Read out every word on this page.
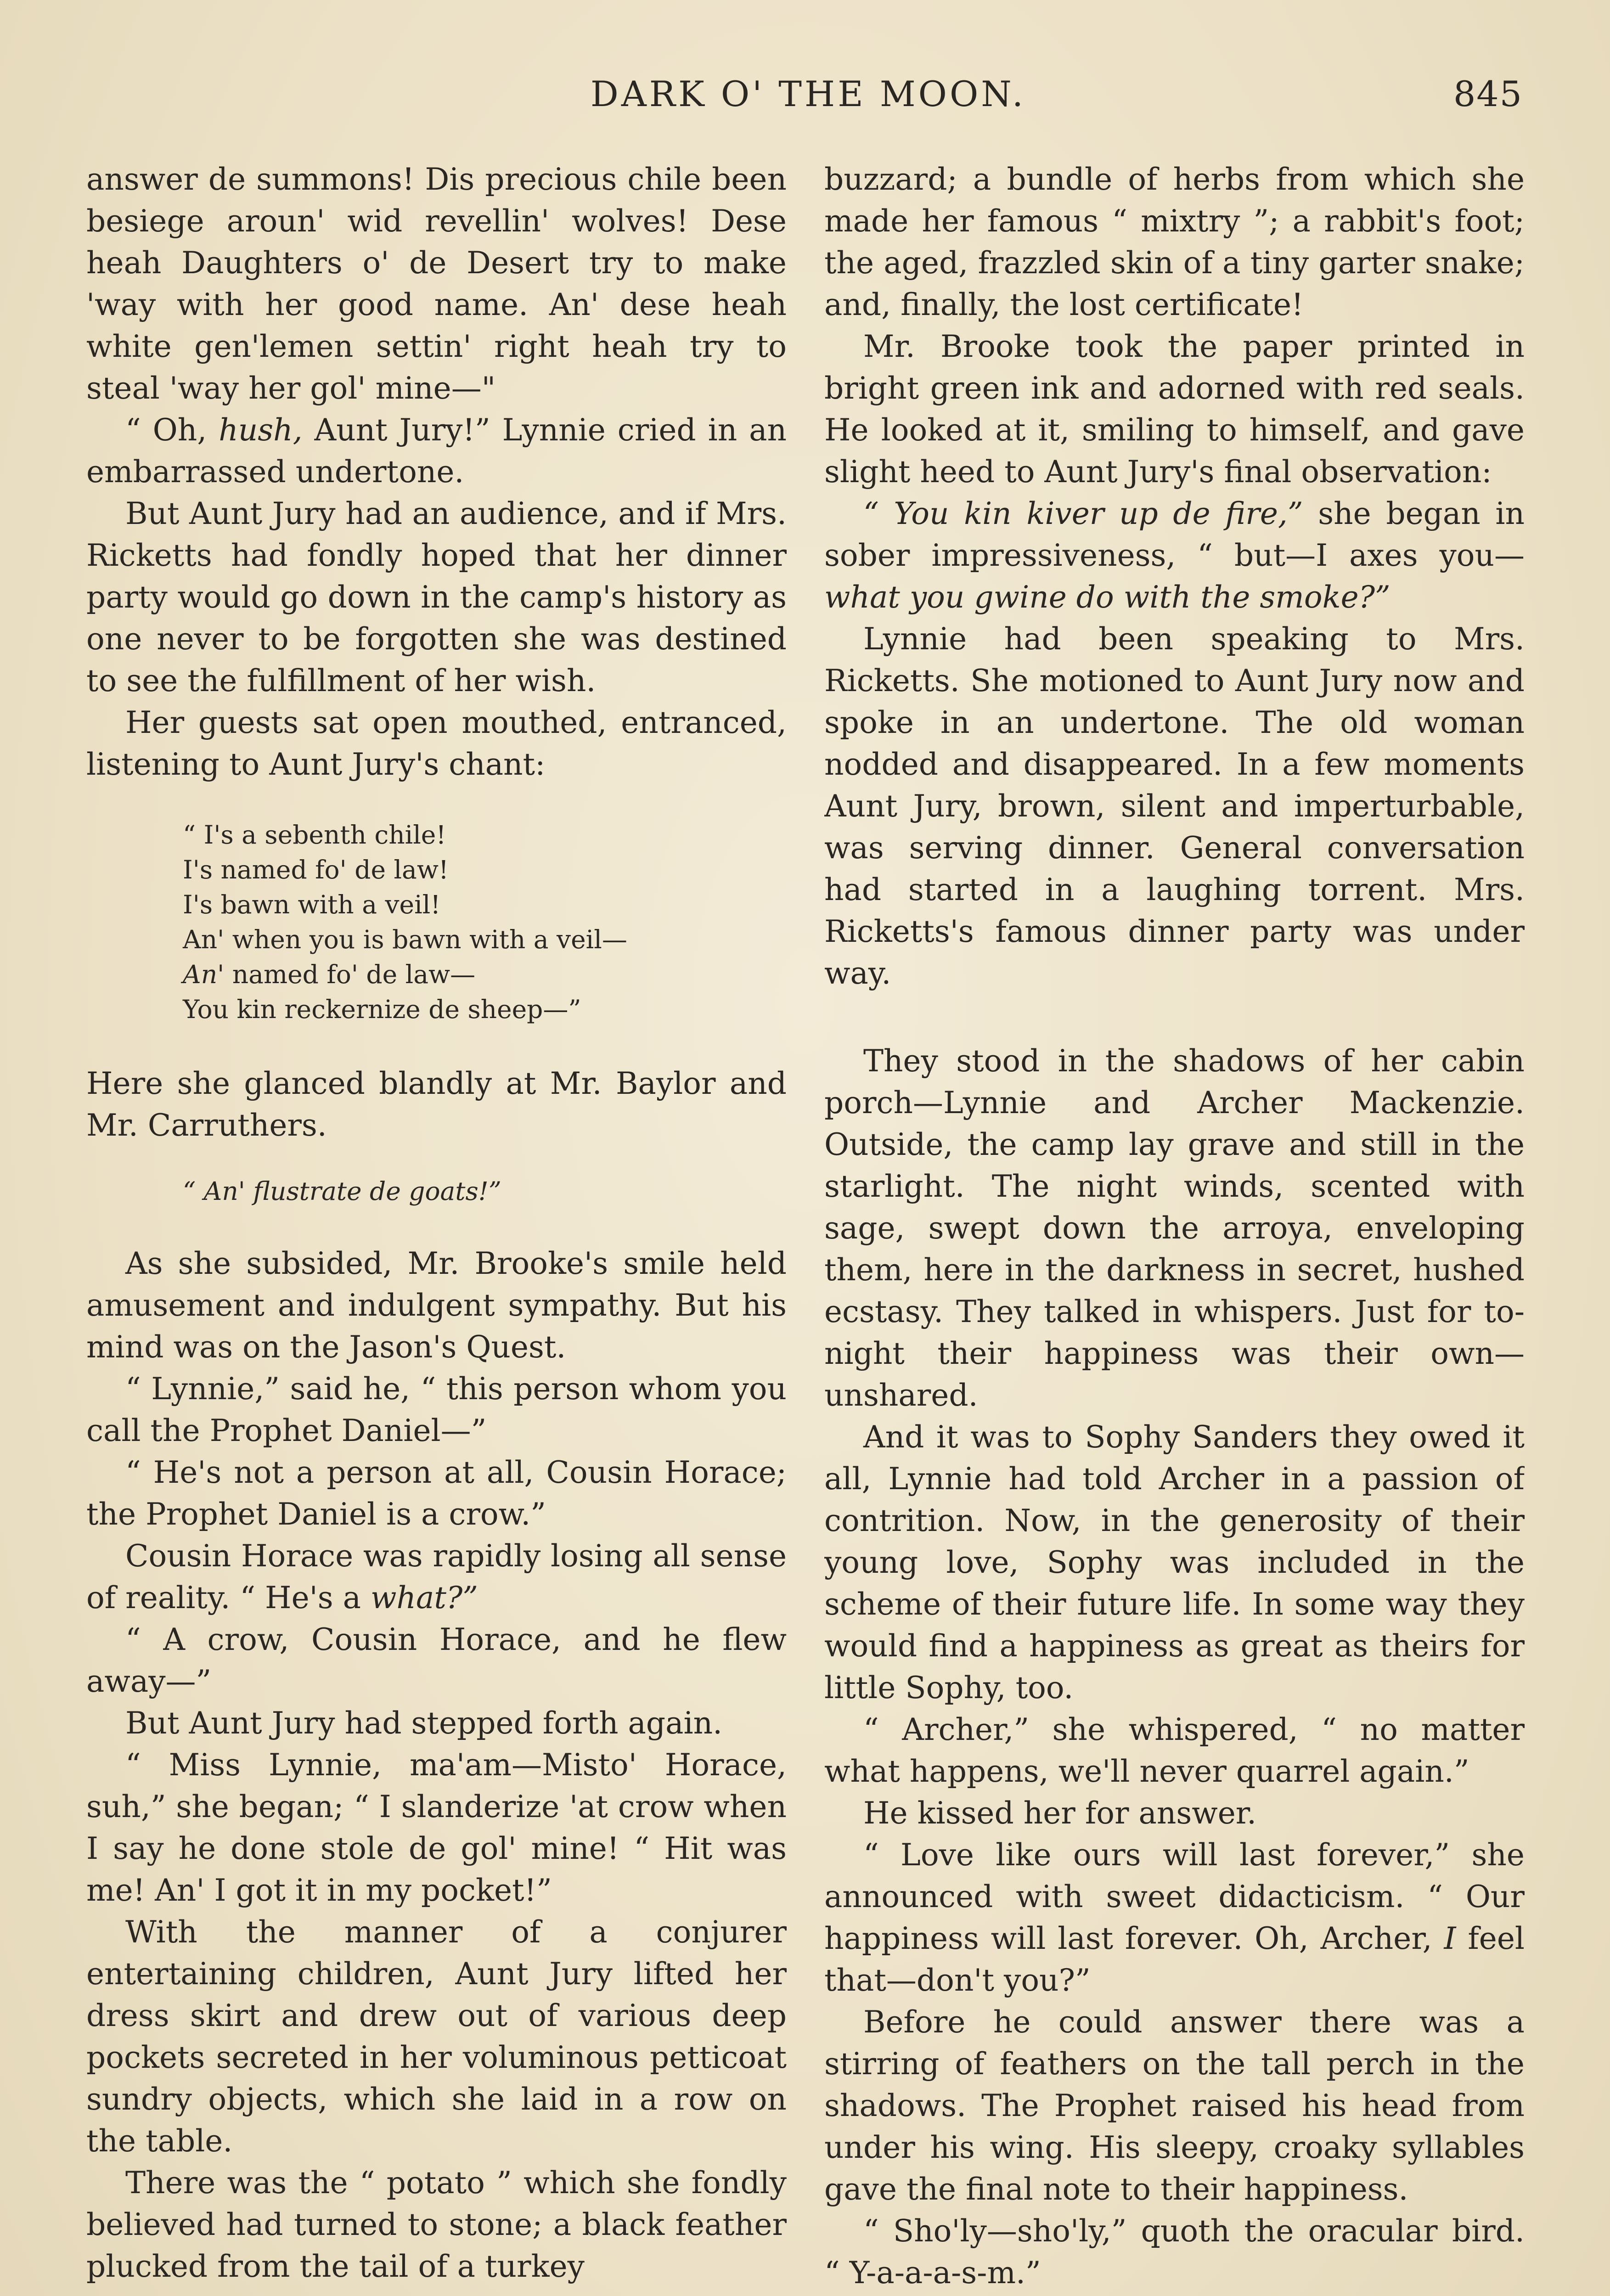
DARK O' THE MOON.	845

answer de summons! Dis precious chile been besiege aroun' wid revellin' wolves! Dese heah Daughters o' de Desert try to make 'way with her good name. An' dese heah white gen'lemen settin' right heah try to steal 'way her gol' mine—"

“ Oh, hush, Aunt Jury!” Lynnie cried in an embarrassed undertone.

But Aunt Jury had an audience, and if Mrs. Ricketts had fondly hoped that her dinner party would go down in the camp's history as one never to be forgotten she was destined to see the fulfillment of her wish.

Her guests sat open mouthed, entranced, listening to Aunt Jury's chant:

“ I's a sebenth chile!
I's named fo' de law!
I's bawn with a veil!
An' when you is bawn with a veil—
An' named fo' de law—
You kin reckernize de sheep—”

Here she glanced blandly at Mr. Baylor and Mr. Carruthers.

“ An' flustrate de goats!”

As she subsided, Mr. Brooke's smile held amusement and indulgent sympathy. But his mind was on the Jason's Quest.

“ Lynnie,” said he, “ this person whom you call the Prophet Daniel—”

“ He's not a person at all, Cousin Horace; the Prophet Daniel is a crow.”

Cousin Horace was rapidly losing all sense of reality. “ He's a what?”

“ A crow, Cousin Horace, and he flew away—”

But Aunt Jury had stepped forth again.

“ Miss Lynnie, ma'am—Misto' Horace, suh,” she began; “ I slanderize 'at crow when I say he done stole de gol' mine! “ Hit was me! An' I got it in my pocket!”

With the manner of a conjurer entertaining children, Aunt Jury lifted her dress skirt and drew out of various deep pockets secreted in her voluminous petticoat sundry objects, which she laid in a row on the table.

There was the “ potato ” which she fondly believed had turned to stone; a black feather plucked from the tail of a turkey

buzzard; a bundle of herbs from which she made her famous “ mixtry ”; a rabbit's foot; the aged, frazzled skin of a tiny garter snake; and, finally, the lost certificate!

Mr. Brooke took the paper printed in bright green ink and adorned with red seals. He looked at it, smiling to himself, and gave slight heed to Aunt Jury's final observation:

“ You kin kiver up de fire,” she began in sober impressiveness, “ but—I axes you— what you gwine do with the smoke?”

Lynnie had been speaking to Mrs. Ricketts. She motioned to Aunt Jury now and spoke in an undertone. The old woman nodded and disappeared. In a few moments Aunt Jury, brown, silent and imperturbable, was serving dinner. General conversation had started in a laughing torrent. Mrs. Ricketts's famous dinner party was under way.

They stood in the shadows of her cabin porch—Lynnie and Archer Mackenzie. Outside, the camp lay grave and still in the starlight. The night winds, scented with sage, swept down the arroya, enveloping them, here in the darkness in secret, hushed ecstasy. They talked in whispers. Just for to-night their happiness was their own—unshared.

And it was to Sophy Sanders they owed it all, Lynnie had told Archer in a passion of contrition. Now, in the generosity of their young love, Sophy was included in the scheme of their future life. In some way they would find a happiness as great as theirs for little Sophy, too.

“ Archer,” she whispered, “ no matter what happens, we'll never quarrel again.”

He kissed her for answer.

“ Love like ours will last forever,” she announced with sweet didacticism. “ Our happiness will last forever. Oh, Archer, I feel that—don't you?”

Before he could answer there was a stirring of feathers on the tall perch in the shadows. The Prophet raised his head from under his wing. His sleepy, croaky syllables gave the final note to their happiness.

“ Sho'ly—sho'ly,” quoth the oracular bird. “ Y-a-a-a-s-m.”
